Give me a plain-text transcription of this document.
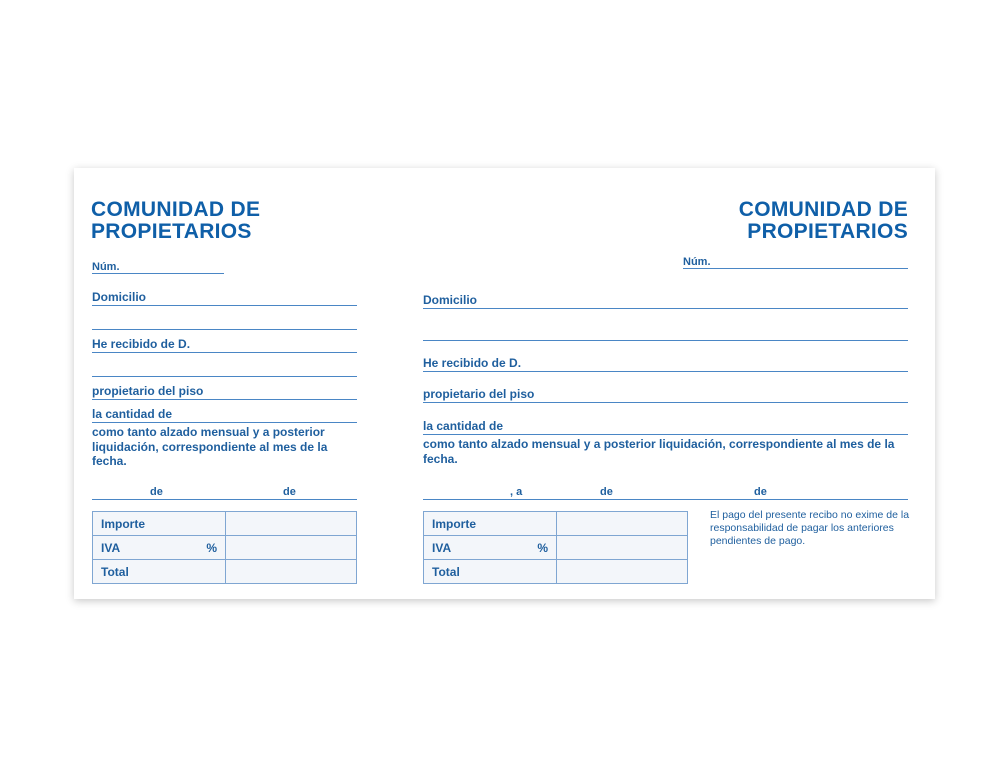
COMUNIDAD DE
PROPIETARIOS
Núm.
Domicilio
He recibido de D.
propietario del piso
la cantidad de
como tanto alzado mensual y a posterior liquidación, correspondiente al mes de la fecha.
de	de
Importe	
IVA %	

Total	
COMUNIDAD DE
PROPIETARIOS
Núm.
Domicilio
He recibido de D.
propietario del piso
la cantidad de
como tanto alzado mensual y a posterior liquidación, correspondiente al mes de la fecha.
, a	de	de
Importe	
IVA %	

Total	
El pago del presente recibo no exime de la responsabilidad de pagar los anteriores pendientes de pago.
